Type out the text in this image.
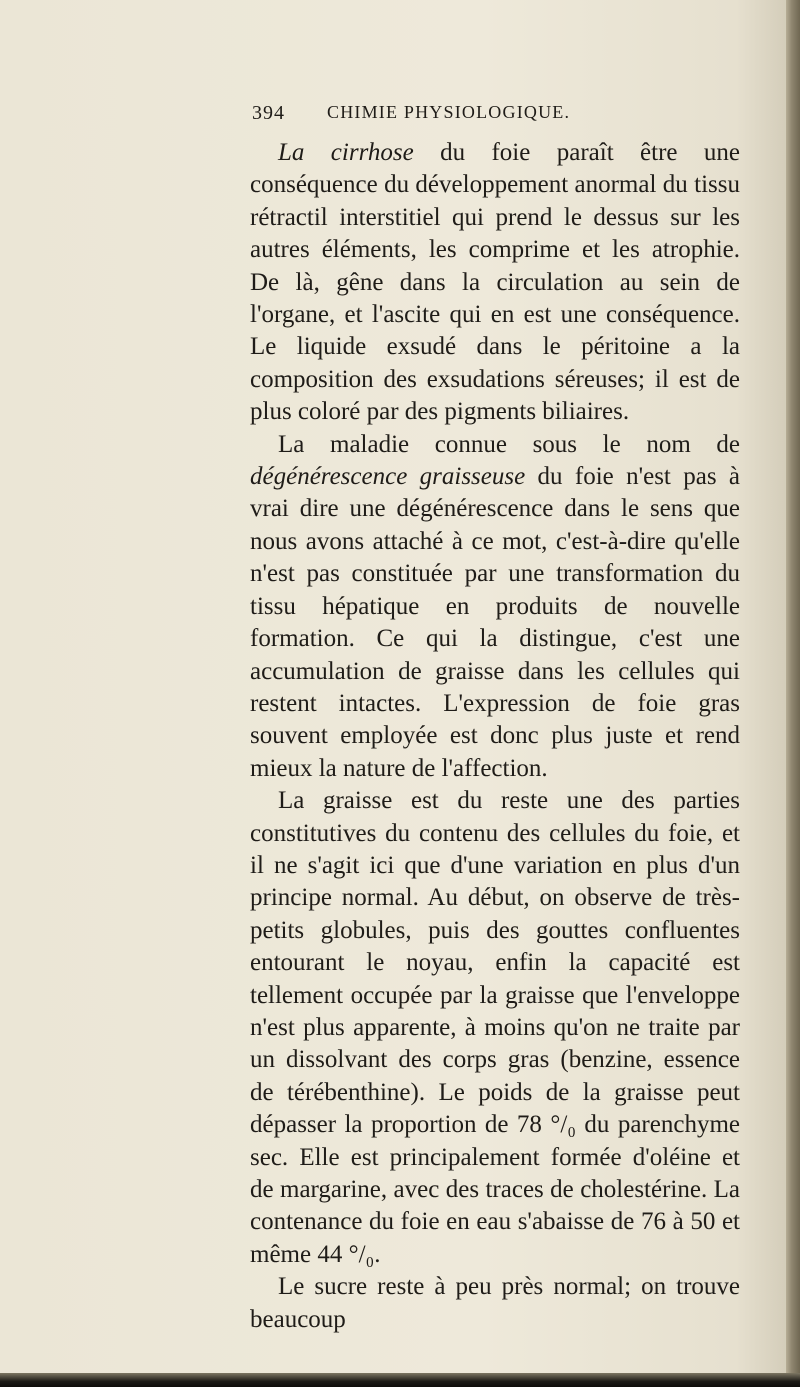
394 CHIMIE PHYSIOLOGIQUE.

La cirrhose du foie paraît être une conséquence du développement anormal du tissu rétractil interstitiel qui prend le dessus sur les autres éléments, les comprime et les atrophie. De là, gêne dans la circulation au sein de l'organe, et l'ascite qui en est une conséquence. Le liquide exsudé dans le péritoine a la composition des exsudations séreuses; il est de plus coloré par des pigments biliaires.

La maladie connue sous le nom de dégénérescence graisseuse du foie n'est pas à vrai dire une dégénérescence dans le sens que nous avons attaché à ce mot, c'est-à-dire qu'elle n'est pas constituée par une transformation du tissu hépatique en produits de nouvelle formation. Ce qui la distingue, c'est une accumulation de graisse dans les cellules qui restent intactes. L'expression de foie gras souvent employée est donc plus juste et rend mieux la nature de l'affection.

La graisse est du reste une des parties constitutives du contenu des cellules du foie, et il ne s'agit ici que d'une variation en plus d'un principe normal. Au début, on observe de très-petits globules, puis des gouttes confluentes entourant le noyau, enfin la capacité est tellement occupée par la graisse que l'enveloppe n'est plus apparente, à moins qu'on ne traite par un dissolvant des corps gras (benzine, essence de térébenthine). Le poids de la graisse peut dépasser la proportion de 78 °/₀ du parenchyme sec. Elle est principalement formée d'oléine et de margarine, avec des traces de cholestérine. La contenance du foie en eau s'abaisse de 76 à 50 et même 44 °/₀.

Le sucre reste à peu près normal; on trouve beaucoup
